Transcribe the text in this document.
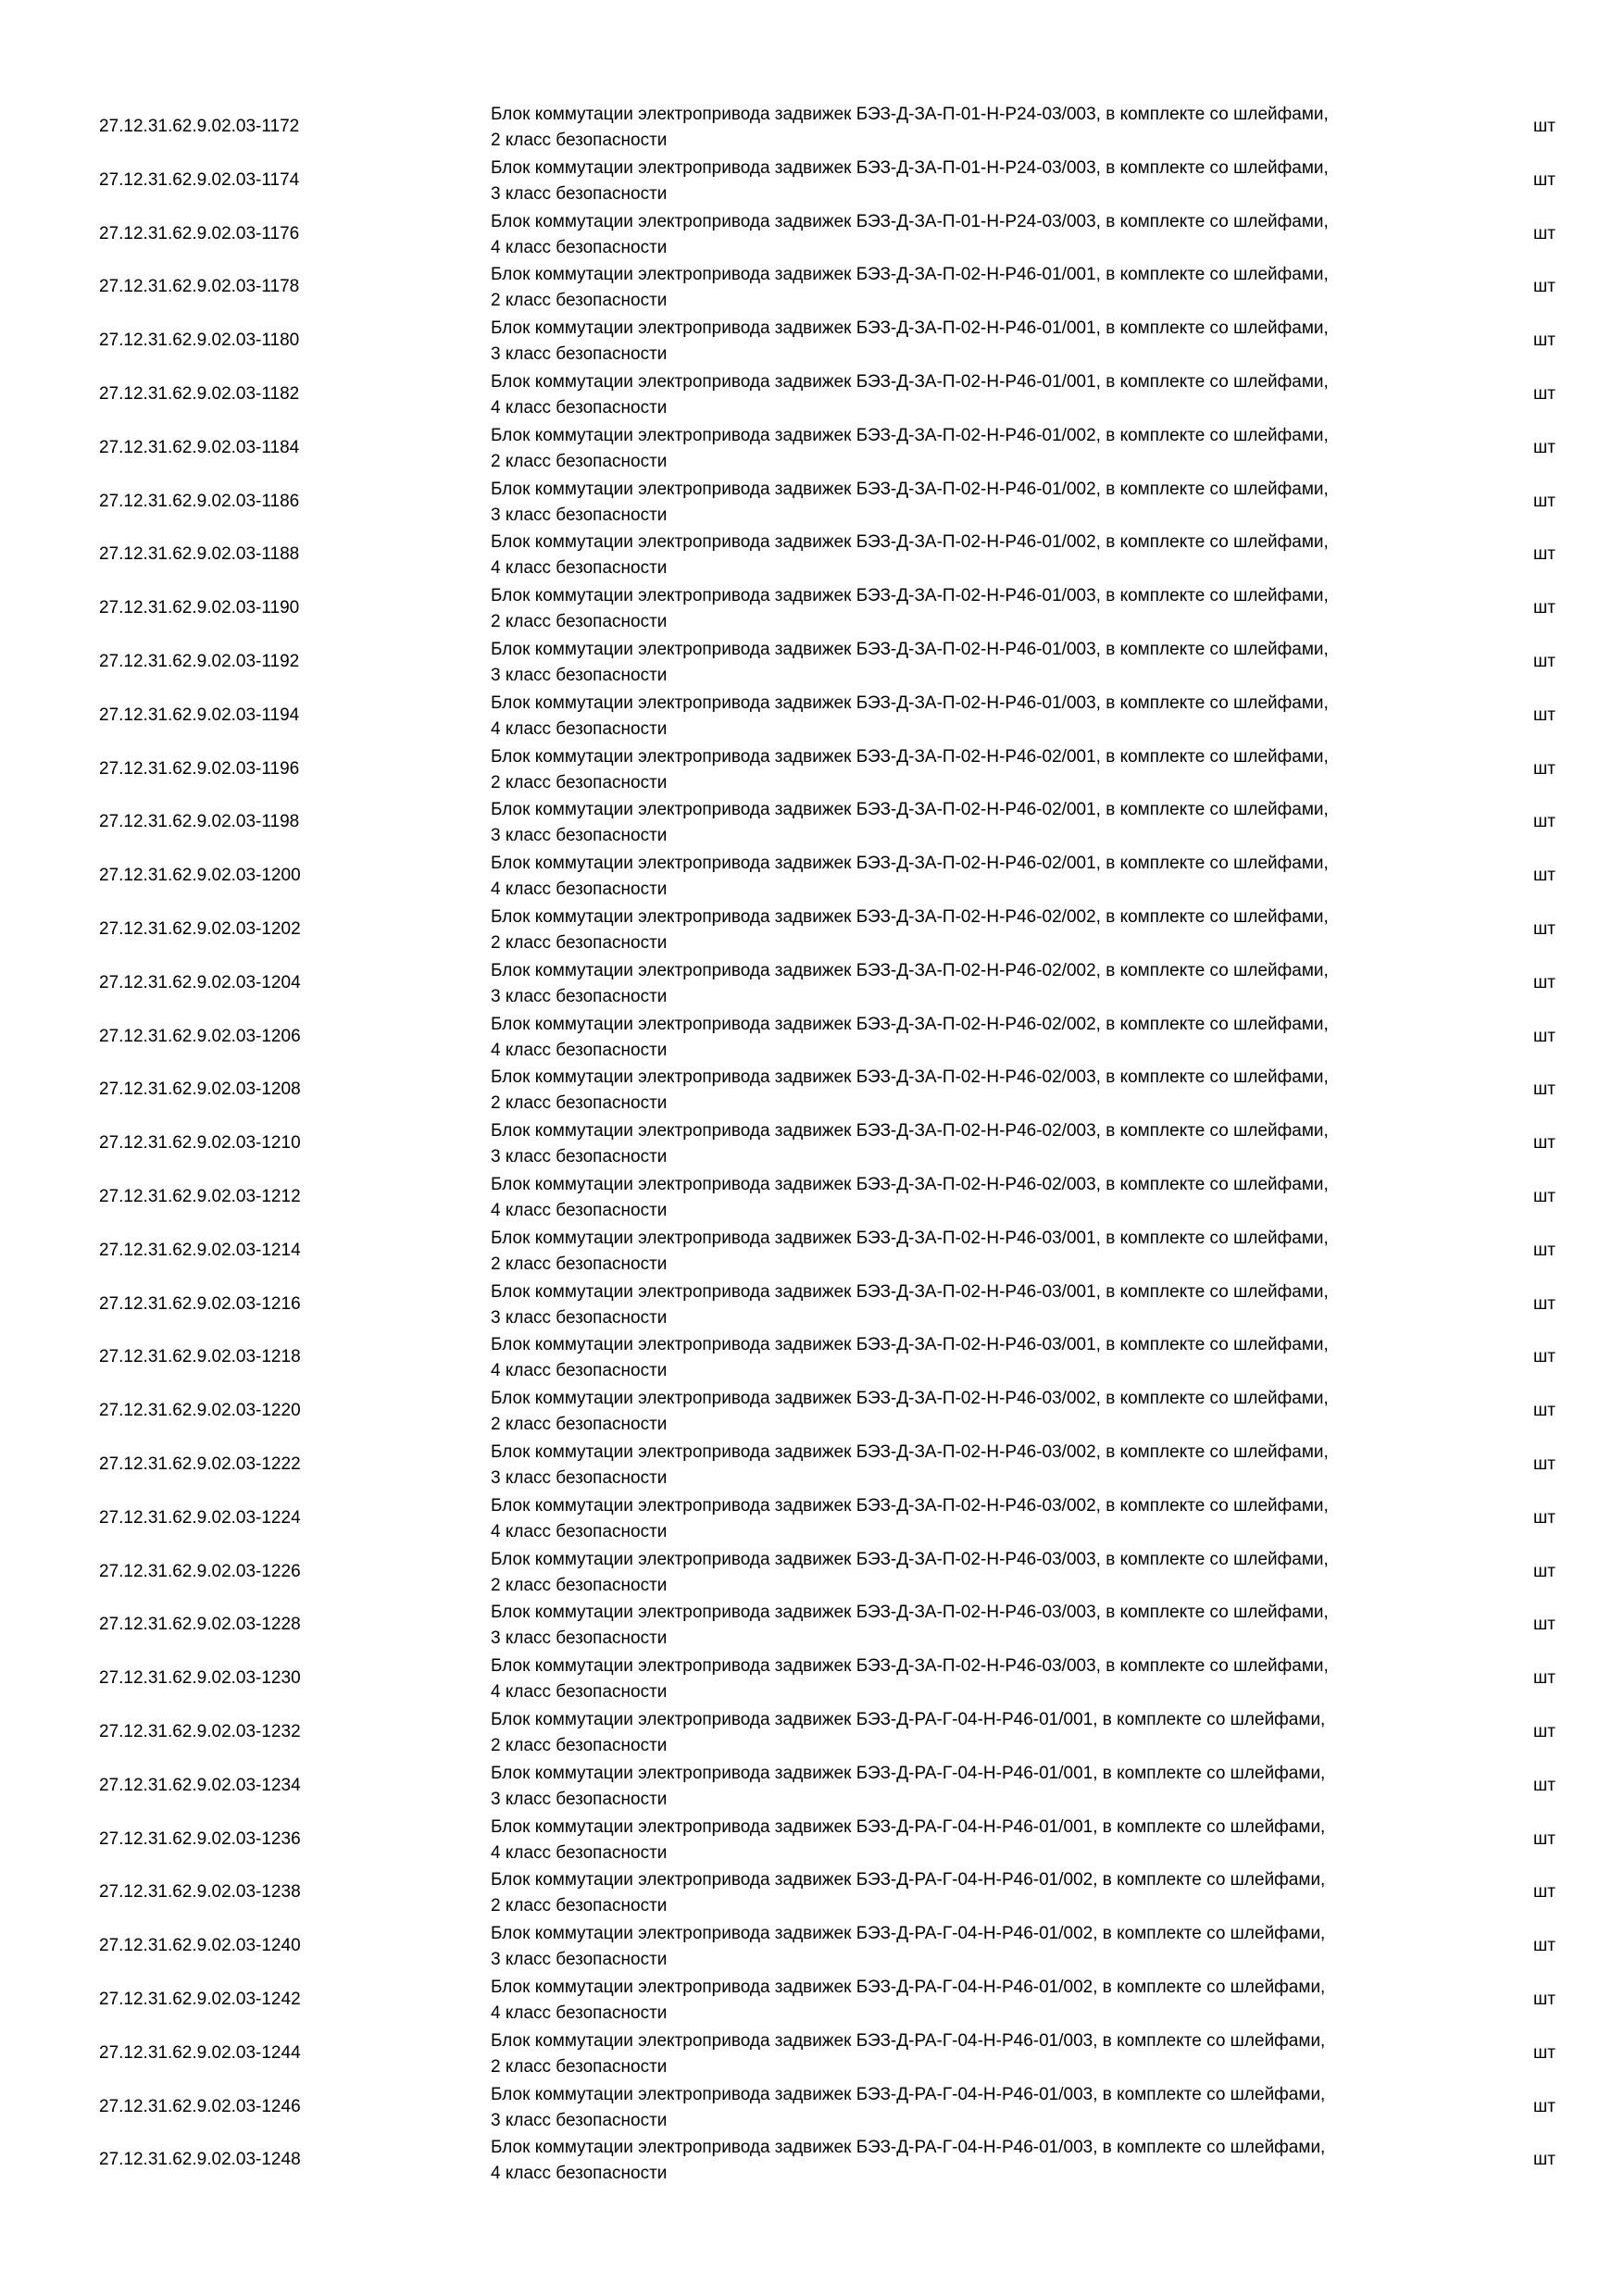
27.12.31.62.9.02.03-1172
Блок коммутации электропривода задвижек БЭЗ-Д-ЗА-П-01-Н-Р24-03/003, в комплекте со шлейфами,
2 класс безопасности
шт
27.12.31.62.9.02.03-1174
Блок коммутации электропривода задвижек БЭЗ-Д-ЗА-П-01-Н-Р24-03/003, в комплекте со шлейфами,
3 класс безопасности
шт
27.12.31.62.9.02.03-1176
Блок коммутации электропривода задвижек БЭЗ-Д-ЗА-П-01-Н-Р24-03/003, в комплекте со шлейфами,
4 класс безопасности
шт
27.12.31.62.9.02.03-1178
Блок коммутации электропривода задвижек БЭЗ-Д-ЗА-П-02-Н-Р46-01/001, в комплекте со шлейфами,
2 класс безопасности
шт
27.12.31.62.9.02.03-1180
Блок коммутации электропривода задвижек БЭЗ-Д-ЗА-П-02-Н-Р46-01/001, в комплекте со шлейфами,
3 класс безопасности
шт
27.12.31.62.9.02.03-1182
Блок коммутации электропривода задвижек БЭЗ-Д-ЗА-П-02-Н-Р46-01/001, в комплекте со шлейфами,
4 класс безопасности
шт
27.12.31.62.9.02.03-1184
Блок коммутации электропривода задвижек БЭЗ-Д-ЗА-П-02-Н-Р46-01/002, в комплекте со шлейфами,
2 класс безопасности
шт
27.12.31.62.9.02.03-1186
Блок коммутации электропривода задвижек БЭЗ-Д-ЗА-П-02-Н-Р46-01/002, в комплекте со шлейфами,
3 класс безопасности
шт
27.12.31.62.9.02.03-1188
Блок коммутации электропривода задвижек БЭЗ-Д-ЗА-П-02-Н-Р46-01/002, в комплекте со шлейфами,
4 класс безопасности
шт
27.12.31.62.9.02.03-1190
Блок коммутации электропривода задвижек БЭЗ-Д-ЗА-П-02-Н-Р46-01/003, в комплекте со шлейфами,
2 класс безопасности
шт
27.12.31.62.9.02.03-1192
Блок коммутации электропривода задвижек БЭЗ-Д-ЗА-П-02-Н-Р46-01/003, в комплекте со шлейфами,
3 класс безопасности
шт
27.12.31.62.9.02.03-1194
Блок коммутации электропривода задвижек БЭЗ-Д-ЗА-П-02-Н-Р46-01/003, в комплекте со шлейфами,
4 класс безопасности
шт
27.12.31.62.9.02.03-1196
Блок коммутации электропривода задвижек БЭЗ-Д-ЗА-П-02-Н-Р46-02/001, в комплекте со шлейфами,
2 класс безопасности
шт
27.12.31.62.9.02.03-1198
Блок коммутации электропривода задвижек БЭЗ-Д-ЗА-П-02-Н-Р46-02/001, в комплекте со шлейфами,
3 класс безопасности
шт
27.12.31.62.9.02.03-1200
Блок коммутации электропривода задвижек БЭЗ-Д-ЗА-П-02-Н-Р46-02/001, в комплекте со шлейфами,
4 класс безопасности
шт
27.12.31.62.9.02.03-1202
Блок коммутации электропривода задвижек БЭЗ-Д-ЗА-П-02-Н-Р46-02/002, в комплекте со шлейфами,
2 класс безопасности
шт
27.12.31.62.9.02.03-1204
Блок коммутации электропривода задвижек БЭЗ-Д-ЗА-П-02-Н-Р46-02/002, в комплекте со шлейфами,
3 класс безопасности
шт
27.12.31.62.9.02.03-1206
Блок коммутации электропривода задвижек БЭЗ-Д-ЗА-П-02-Н-Р46-02/002, в комплекте со шлейфами,
4 класс безопасности
шт
27.12.31.62.9.02.03-1208
Блок коммутации электропривода задвижек БЭЗ-Д-ЗА-П-02-Н-Р46-02/003, в комплекте со шлейфами,
2 класс безопасности
шт
27.12.31.62.9.02.03-1210
Блок коммутации электропривода задвижек БЭЗ-Д-ЗА-П-02-Н-Р46-02/003, в комплекте со шлейфами,
3 класс безопасности
шт
27.12.31.62.9.02.03-1212
Блок коммутации электропривода задвижек БЭЗ-Д-ЗА-П-02-Н-Р46-02/003, в комплекте со шлейфами,
4 класс безопасности
шт
27.12.31.62.9.02.03-1214
Блок коммутации электропривода задвижек БЭЗ-Д-ЗА-П-02-Н-Р46-03/001, в комплекте со шлейфами,
2 класс безопасности
шт
27.12.31.62.9.02.03-1216
Блок коммутации электропривода задвижек БЭЗ-Д-ЗА-П-02-Н-Р46-03/001, в комплекте со шлейфами,
3 класс безопасности
шт
27.12.31.62.9.02.03-1218
Блок коммутации электропривода задвижек БЭЗ-Д-ЗА-П-02-Н-Р46-03/001, в комплекте со шлейфами,
4 класс безопасности
шт
27.12.31.62.9.02.03-1220
Блок коммутации электропривода задвижек БЭЗ-Д-ЗА-П-02-Н-Р46-03/002, в комплекте со шлейфами,
2 класс безопасности
шт
27.12.31.62.9.02.03-1222
Блок коммутации электропривода задвижек БЭЗ-Д-ЗА-П-02-Н-Р46-03/002, в комплекте со шлейфами,
3 класс безопасности
шт
27.12.31.62.9.02.03-1224
Блок коммутации электропривода задвижек БЭЗ-Д-ЗА-П-02-Н-Р46-03/002, в комплекте со шлейфами,
4 класс безопасности
шт
27.12.31.62.9.02.03-1226
Блок коммутации электропривода задвижек БЭЗ-Д-ЗА-П-02-Н-Р46-03/003, в комплекте со шлейфами,
2 класс безопасности
шт
27.12.31.62.9.02.03-1228
Блок коммутации электропривода задвижек БЭЗ-Д-ЗА-П-02-Н-Р46-03/003, в комплекте со шлейфами,
3 класс безопасности
шт
27.12.31.62.9.02.03-1230
Блок коммутации электропривода задвижек БЭЗ-Д-ЗА-П-02-Н-Р46-03/003, в комплекте со шлейфами,
4 класс безопасности
шт
27.12.31.62.9.02.03-1232
Блок коммутации электропривода задвижек БЭЗ-Д-РА-Г-04-Н-Р46-01/001, в комплекте со шлейфами,
2 класс безопасности
шт
27.12.31.62.9.02.03-1234
Блок коммутации электропривода задвижек БЭЗ-Д-РА-Г-04-Н-Р46-01/001, в комплекте со шлейфами,
3 класс безопасности
шт
27.12.31.62.9.02.03-1236
Блок коммутации электропривода задвижек БЭЗ-Д-РА-Г-04-Н-Р46-01/001, в комплекте со шлейфами,
4 класс безопасности
шт
27.12.31.62.9.02.03-1238
Блок коммутации электропривода задвижек БЭЗ-Д-РА-Г-04-Н-Р46-01/002, в комплекте со шлейфами,
2 класс безопасности
шт
27.12.31.62.9.02.03-1240
Блок коммутации электропривода задвижек БЭЗ-Д-РА-Г-04-Н-Р46-01/002, в комплекте со шлейфами,
3 класс безопасности
шт
27.12.31.62.9.02.03-1242
Блок коммутации электропривода задвижек БЭЗ-Д-РА-Г-04-Н-Р46-01/002, в комплекте со шлейфами,
4 класс безопасности
шт
27.12.31.62.9.02.03-1244
Блок коммутации электропривода задвижек БЭЗ-Д-РА-Г-04-Н-Р46-01/003, в комплекте со шлейфами,
2 класс безопасности
шт
27.12.31.62.9.02.03-1246
Блок коммутации электропривода задвижек БЭЗ-Д-РА-Г-04-Н-Р46-01/003, в комплекте со шлейфами,
3 класс безопасности
шт
27.12.31.62.9.02.03-1248
Блок коммутации электропривода задвижек БЭЗ-Д-РА-Г-04-Н-Р46-01/003, в комплекте со шлейфами,
4 класс безопасности
шт
